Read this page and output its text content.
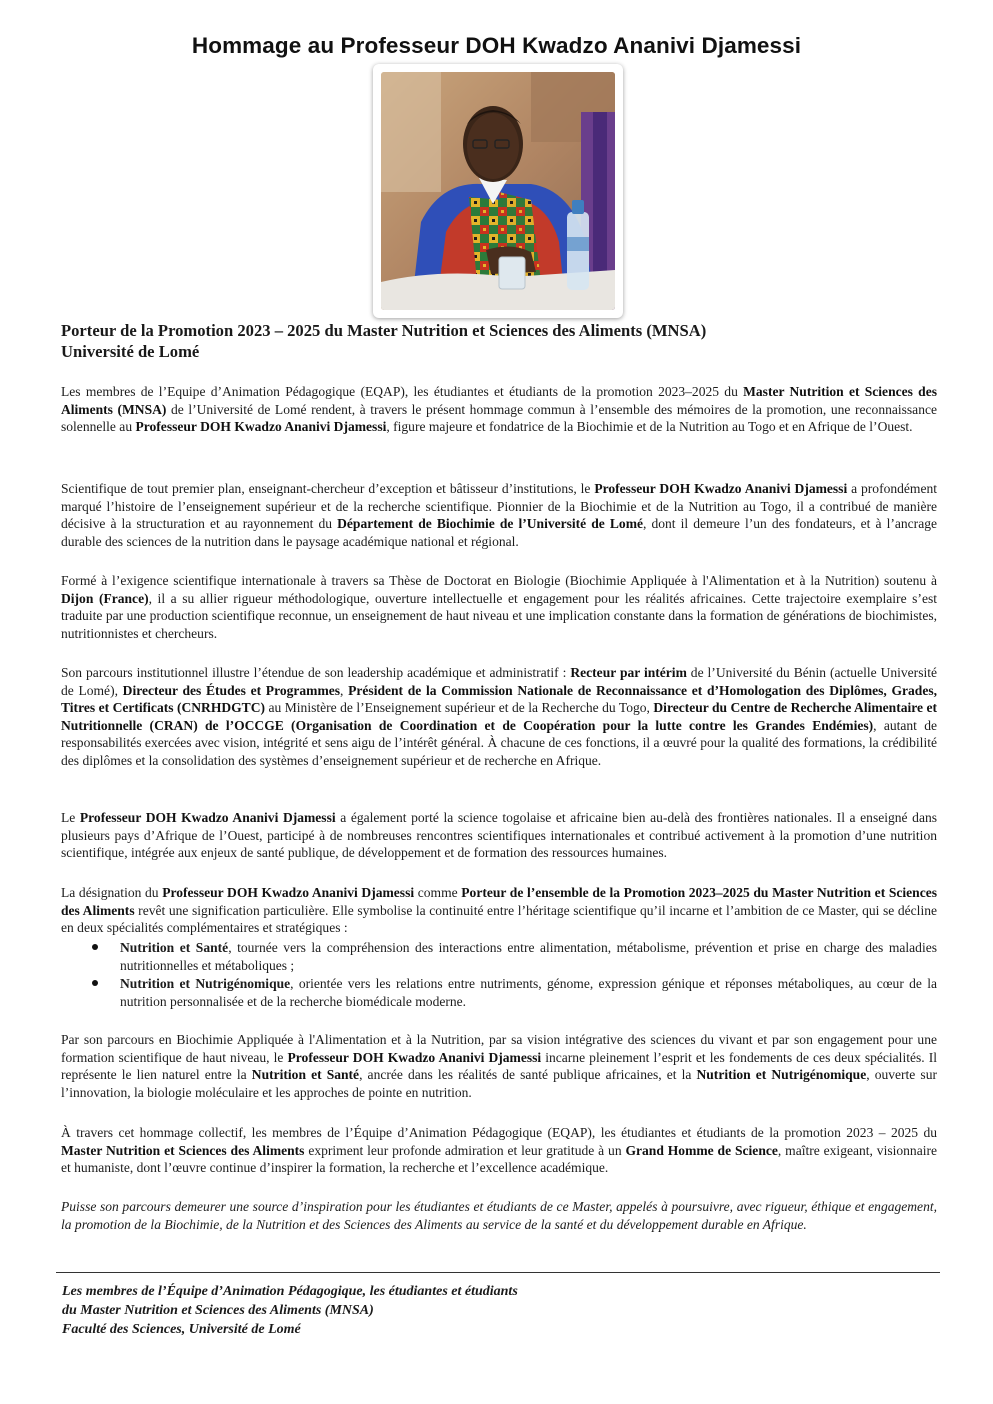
Hommage au Professeur DOH Kwadzo Ananivi Djamessi
Porteur de la Promotion 2023 – 2025 du Master Nutrition et Sciences des Aliments (MNSA)
Université de Lomé

Les membres de l’Equipe d’Animation Pédagogique (EQAP), les étudiantes et étudiants de la promotion 2023–2025 du Master Nutrition et Sciences des Aliments (MNSA) de l’Université de Lomé rendent, à travers le présent hommage commun à l’ensemble des mémoires de la promotion, une reconnaissance solennelle au Professeur DOH Kwadzo Ananivi Djamessi, figure majeure et fondatrice de la Biochimie et de la Nutrition au Togo et en Afrique de l’Ouest.

Scientifique de tout premier plan, enseignant-chercheur d’exception et bâtisseur d’institutions, le Professeur DOH Kwadzo Ananivi Djamessi a profondément marqué l’histoire de l’enseignement supérieur et de la recherche scientifique. Pionnier de la Biochimie et de la Nutrition au Togo, il a contribué de manière décisive à la structuration et au rayonnement du Département de Biochimie de l’Université de Lomé, dont il demeure l’un des fondateurs, et à l’ancrage durable des sciences de la nutrition dans le paysage académique national et régional.

Formé à l’exigence scientifique internationale à travers sa Thèse de Doctorat en Biologie (Biochimie Appliquée à l'Alimentation et à la Nutrition) soutenu à Dijon (France), il a su allier rigueur méthodologique, ouverture intellectuelle et engagement pour les réalités africaines. Cette trajectoire exemplaire s’est traduite par une production scientifique reconnue, un enseignement de haut niveau et une implication constante dans la formation de générations de biochimistes, nutritionnistes et chercheurs.

Son parcours institutionnel illustre l’étendue de son leadership académique et administratif : Recteur par intérim de l’Université du Bénin (actuelle Université de Lomé), Directeur des Études et Programmes, Président de la Commission Nationale de Reconnaissance et d’Homologation des Diplômes, Grades, Titres et Certificats (CNRHDGTC) au Ministère de l’Enseignement supérieur et de la Recherche du Togo, Directeur du Centre de Recherche Alimentaire et Nutritionnelle (CRAN) de l’OCCGE (Organisation de Coordination et de Coopération pour la lutte contre les Grandes Endémies), autant de responsabilités exercées avec vision, intégrité et sens aigu de l’intérêt général. À chacune de ces fonctions, il a œuvré pour la qualité des formations, la crédibilité des diplômes et la consolidation des systèmes d’enseignement supérieur et de recherche en Afrique.

Le Professeur DOH Kwadzo Ananivi Djamessi a également porté la science togolaise et africaine bien au-delà des frontières nationales. Il a enseigné dans plusieurs pays d’Afrique de l’Ouest, participé à de nombreuses rencontres scientifiques internationales et contribué activement à la promotion d’une nutrition scientifique, intégrée aux enjeux de santé publique, de développement et de formation des ressources humaines.

La désignation du Professeur DOH Kwadzo Ananivi Djamessi comme Porteur de l’ensemble de la Promotion 2023–2025 du Master Nutrition et Sciences des Aliments revêt une signification particulière. Elle symbolise la continuité entre l’héritage scientifique qu’il incarne et l’ambition de ce Master, qui se décline en deux spécialités complémentaires et stratégiques :

Nutrition et Santé, tournée vers la compréhension des interactions entre alimentation, métabolisme, prévention et prise en charge des maladies nutritionnelles et métaboliques ;
Nutrition et Nutrigénomique, orientée vers les relations entre nutriments, génome, expression génique et réponses métaboliques, au cœur de la nutrition personnalisée et de la recherche biomédicale moderne.

Par son parcours en Biochimie Appliquée à l'Alimentation et à la Nutrition, par sa vision intégrative des sciences du vivant et par son engagement pour une formation scientifique de haut niveau, le Professeur DOH Kwadzo Ananivi Djamessi incarne pleinement l’esprit et les fondements de ces deux spécialités. Il représente le lien naturel entre la Nutrition et Santé, ancrée dans les réalités de santé publique africaines, et la Nutrition et Nutrigénomique, ouverte sur l’innovation, la biologie moléculaire et les approches de pointe en nutrition.

À travers cet hommage collectif, les membres de l’Équipe d’Animation Pédagogique (EQAP), les étudiantes et étudiants de la promotion 2023 – 2025 du Master Nutrition et Sciences des Aliments expriment leur profonde admiration et leur gratitude à un Grand Homme de Science, maître exigeant, visionnaire et humaniste, dont l’œuvre continue d’inspirer la formation, la recherche et l’excellence académique.

Puisse son parcours demeurer une source d’inspiration pour les étudiantes et étudiants de ce Master, appelés à poursuivre, avec rigueur, éthique et engagement, la promotion de la Biochimie, de la Nutrition et des Sciences des Aliments au service de la santé et du développement durable en Afrique.

Les membres de l’Équipe d’Animation Pédagogique, les étudiantes et étudiants
du Master Nutrition et Sciences des Aliments (MNSA)
Faculté des Sciences, Université de Lomé
